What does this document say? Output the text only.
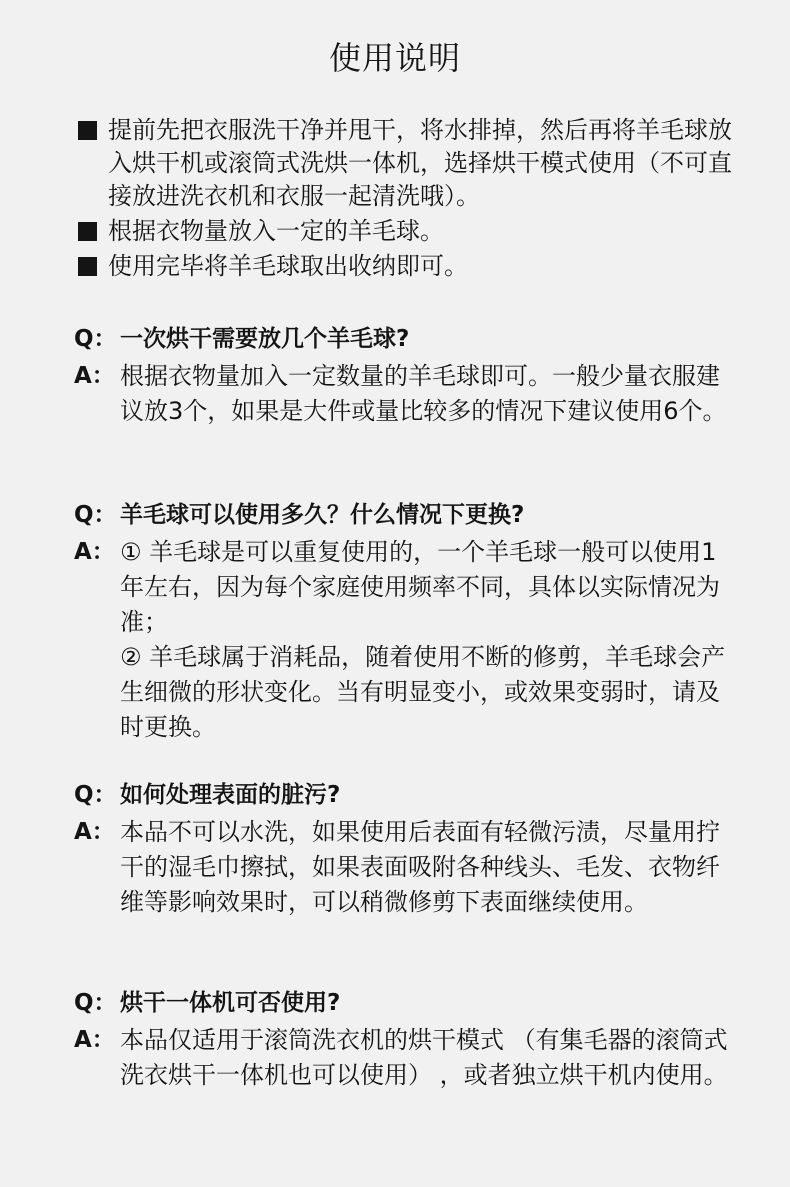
使用说明
提前先把衣服洗干净并甩干，将水排掉，然后再将羊毛球放入烘干机或滚筒式洗烘一体机，选择烘干模式使用（不可直接放进洗衣机和衣服一起清洗哦）。
根据衣物量放入一定的羊毛球。
使用完毕将羊毛球取出收纳即可。
Q： 一次烘干需要放几个羊毛球?
A： 根据衣物量加入一定数量的羊毛球即可。一般少量衣服建议放3个，如果是大件或量比较多的情况下建议使用6个。
Q： 羊毛球可以使用多久？什么情况下更换?
A： ① 羊毛球是可以重复使用的，一个羊毛球一般可以使用1年左右，因为每个家庭使用频率不同，具体以实际情况为准；
② 羊毛球属于消耗品，随着使用不断的修剪，羊毛球会产生细微的形状变化。当有明显变小，或效果变弱时，请及时更换。
Q： 如何处理表面的脏污?
A： 本品不可以水洗，如果使用后表面有轻微污渍，尽量用拧干的湿毛巾擦拭，如果表面吸附各种线头、毛发、衣物纤维等影响效果时，可以稍微修剪下表面继续使用。
Q： 烘干一体机可否使用?
A： 本品仅适用于滚筒洗衣机的烘干模式 （有集毛器的滚筒式洗衣烘干一体机也可以使用） ，或者独立烘干机内使用。
